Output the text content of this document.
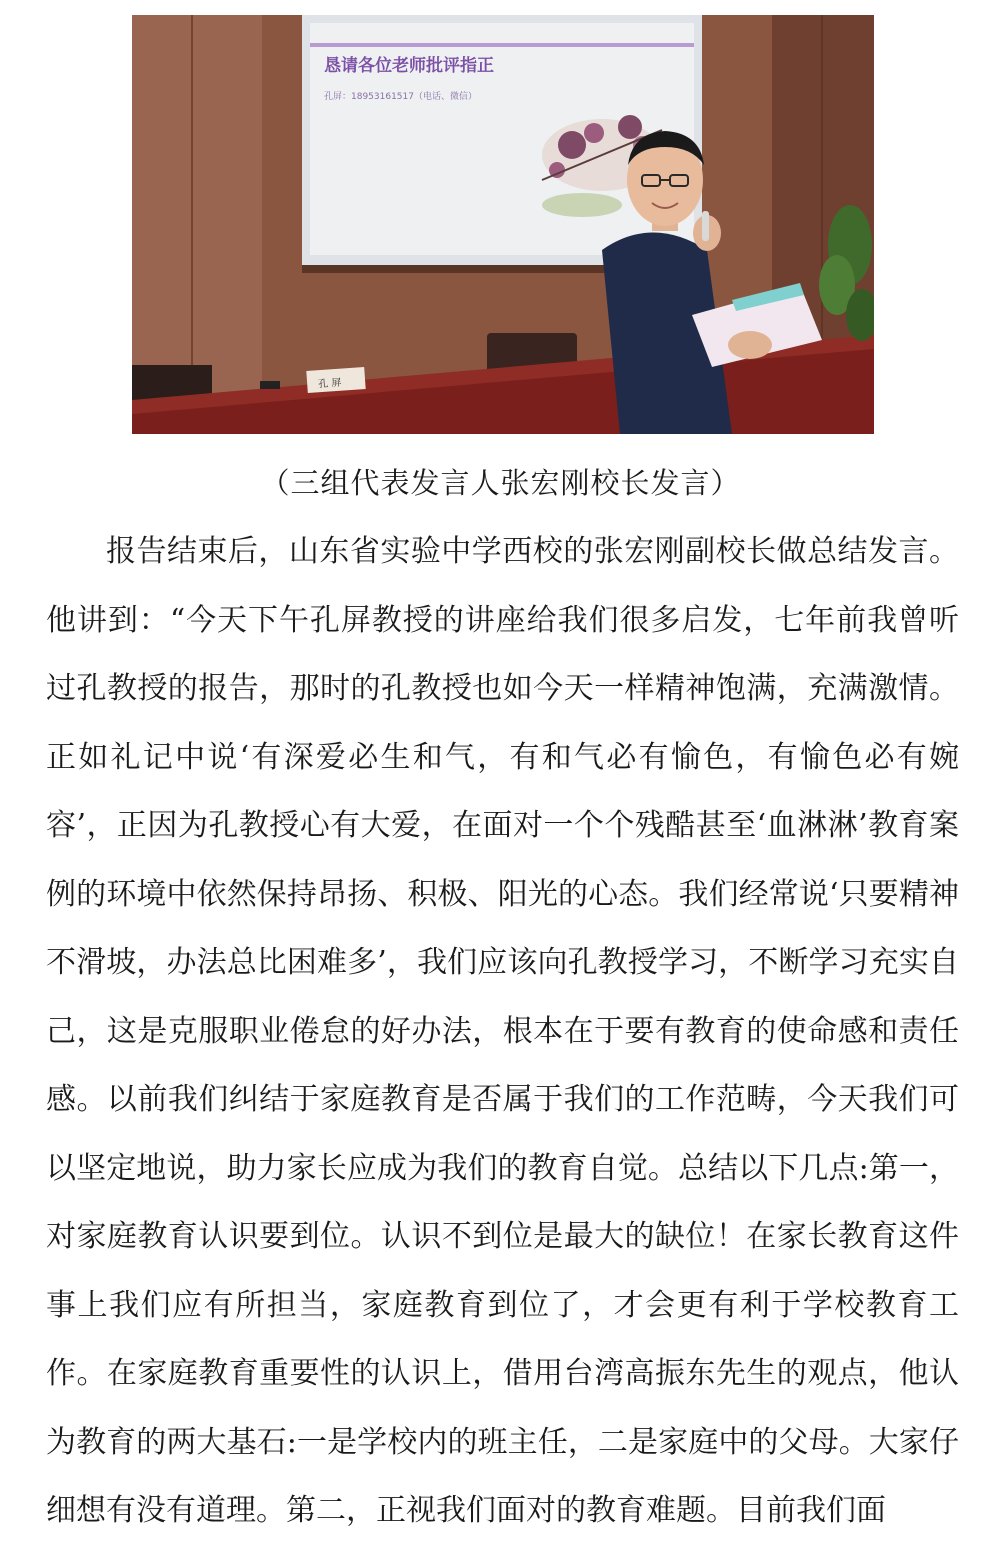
恳请各位老师批评指正
孔屏：18953161517（电话、微信）
孔 屏
（三组代表发言人张宏刚校长发言）

报告结束后，山东省实验中学西校的张宏刚副校长做总结发言。他讲到：“今天下午孔屏教授的讲座给我们很多启发，七年前我曾听过孔教授的报告，那时的孔教授也如今天一样精神饱满，充满激情。正如礼记中说‘有深爱必生和气，有和气必有愉色，有愉色必有婉容’，正因为孔教授心有大爱，在面对一个个残酷甚至‘血淋淋’教育案例的环境中依然保持昂扬、积极、阳光的心态。我们经常说‘只要精神不滑坡，办法总比困难多’，我们应该向孔教授学习，不断学习充实自己，这是克服职业倦怠的好办法，根本在于要有教育的使命感和责任感。以前我们纠结于家庭教育是否属于我们的工作范畴，今天我们可以坚定地说，助力家长应成为我们的教育自觉。总结以下几点:第一，对家庭教育认识要到位。认识不到位是最大的缺位！在家长教育这件事上我们应有所担当，家庭教育到位了，才会更有利于学校教育工作。在家庭教育重要性的认识上，借用台湾高振东先生的观点，他认为教育的两大基石:一是学校内的班主任，二是家庭中的父母。大家仔细想有没有道理。第二，正视我们面对的教育难题。目前我们面
